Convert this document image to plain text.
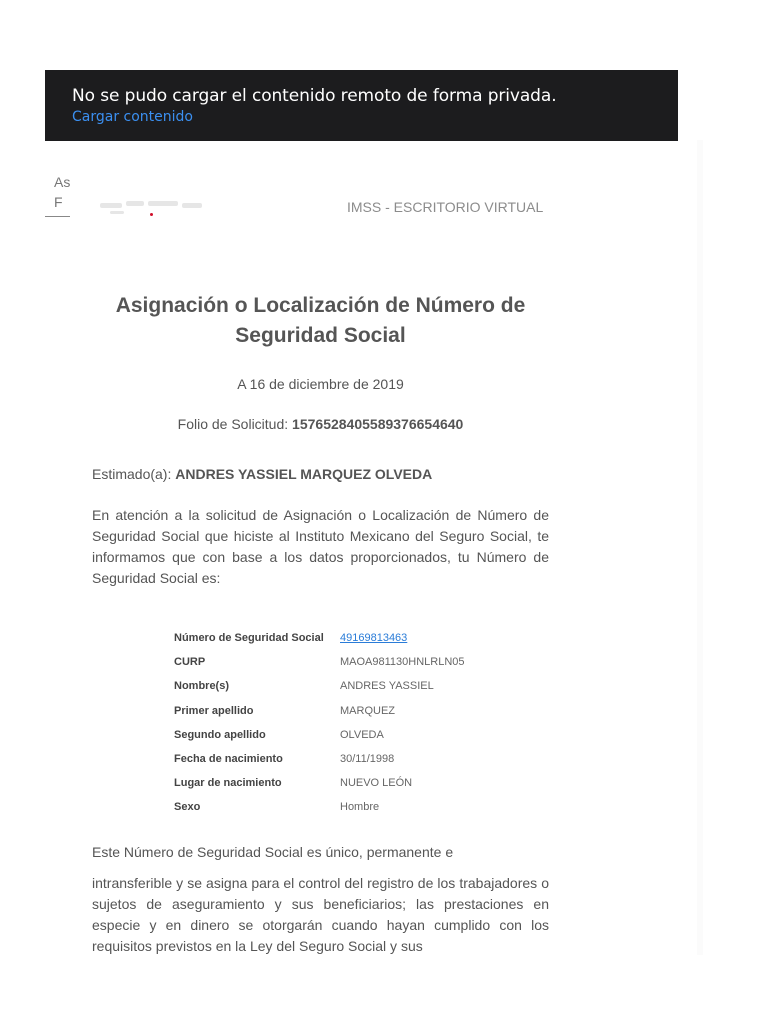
As
F	IMSS - ESCRITORIO VIRTUAL
Asignación o Localización de Número de Seguridad Social
A 16 de diciembre de 2019
Folio de Solicitud: 1576528405589376654640
Estimado(a): ANDRES YASSIEL MARQUEZ OLVEDA
En atención a la solicitud de Asignación o Localización de Número de Seguridad Social que hiciste al Instituto Mexicano del Seguro Social, te informamos que con base a los datos proporcionados, tu Número de Seguridad Social es:
Número de Seguridad Social	49169813463
CURP	MAOA981130HNLRLN05
Nombre(s)	ANDRES YASSIEL
Primer apellido	MARQUEZ
Segundo apellido	OLVEDA
Fecha de nacimiento	30/11/1998
Lugar de nacimiento	NUEVO LEÓN
Sexo	Hombre
Este Número de Seguridad Social es único, permanente e
intransferible y se asigna para el control del registro de los trabajadores o sujetos de aseguramiento y sus beneficiarios; las prestaciones en especie y en dinero se otorgarán cuando hayan cumplido con los requisitos previstos en la Ley del Seguro Social y sus
No se pudo cargar el contenido remoto de forma privada.
Cargar contenido
